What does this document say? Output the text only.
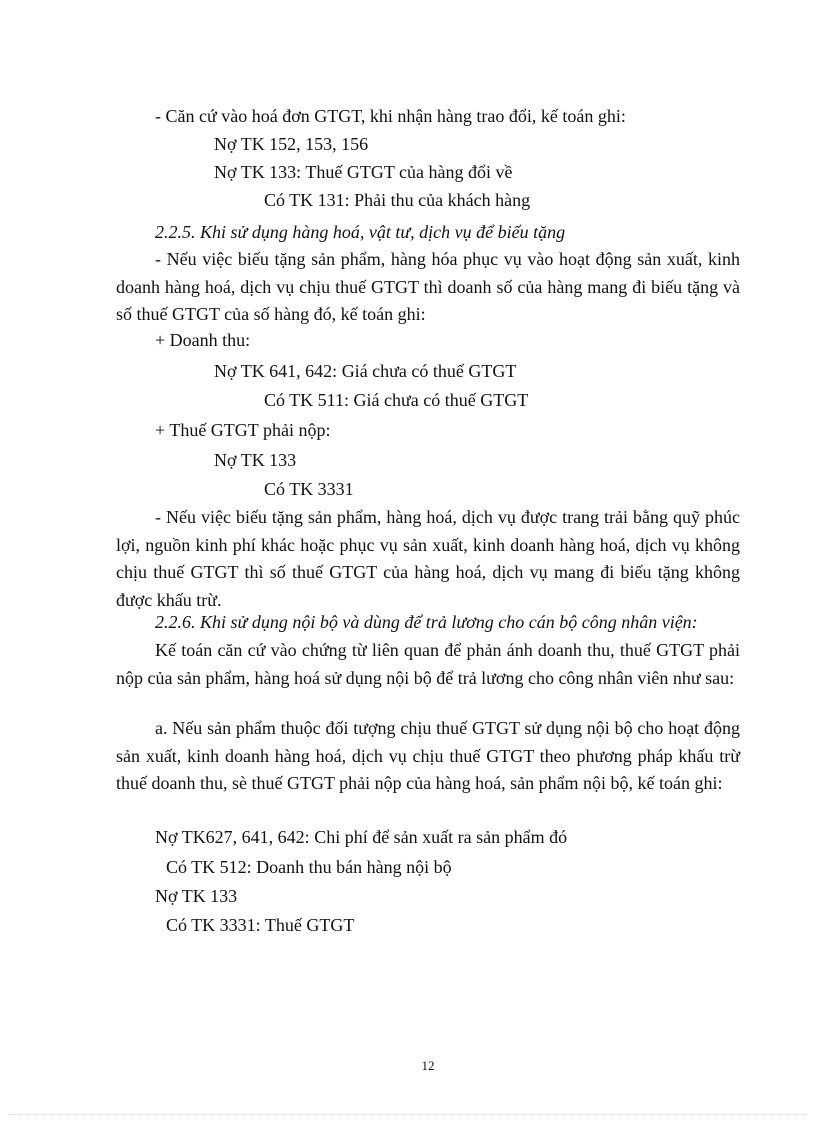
- Căn cứ vào hoá đơn GTGT, khi nhận hàng trao đổi, kế toán ghi:
Nợ TK 152, 153, 156
Nợ TK 133: Thuế GTGT của hàng đổi về
Có TK 131: Phải thu của khách hàng
2.2.5. Khi sử dụng hàng hoá, vật tư, dịch vụ để biếu tặng
- Nếu việc biếu tặng sản phẩm, hàng hóa phục vụ vào hoạt động sản xuất, kinh doanh hàng hoá, dịch vụ chịu thuế GTGT thì doanh số của hàng mang đi biếu tặng và số thuế GTGT của số hàng đó, kế toán ghi:
+ Doanh thu:
Nợ TK 641, 642: Giá chưa có thuế GTGT
Có TK 511: Giá chưa có thuế GTGT
+ Thuế GTGT phải nộp:
Nợ TK 133
Có TK 3331
- Nếu việc biếu tặng sản phẩm, hàng hoá, dịch vụ được trang trải bằng quỹ phúc lợi, nguồn kinh phí khác hoặc phục vụ sản xuất, kinh doanh hàng hoá, dịch vụ không chịu thuế GTGT thì số thuế GTGT của hàng hoá, dịch vụ mang đi biếu tặng không được khấu trừ.
2.2.6. Khi sử dụng nội bộ và dùng để trả lương cho cán bộ công nhân viện:
Kế toán căn cứ vào chứng từ liên quan để phản ánh doanh thu, thuế GTGT phải nộp của sản phẩm, hàng hoá sử dụng nội bộ để trả lương cho công nhân viên như sau:
a. Nếu sản phẩm thuộc đối tượng chịu thuế GTGT sử dụng nội bộ cho hoạt động sản xuất, kinh doanh hàng hoá, dịch vụ chịu thuế GTGT theo phương pháp khấu trừ thuế doanh thu, sè thuế GTGT phải nộp của hàng hoá, sản phẩm nội bộ, kế toán ghi:
Nợ TK627, 641, 642: Chi phí để sản xuất ra sản phẩm đó
Có TK 512: Doanh thu bán hàng nội bộ
Nợ TK 133
Có TK 3331: Thuế GTGT
12
